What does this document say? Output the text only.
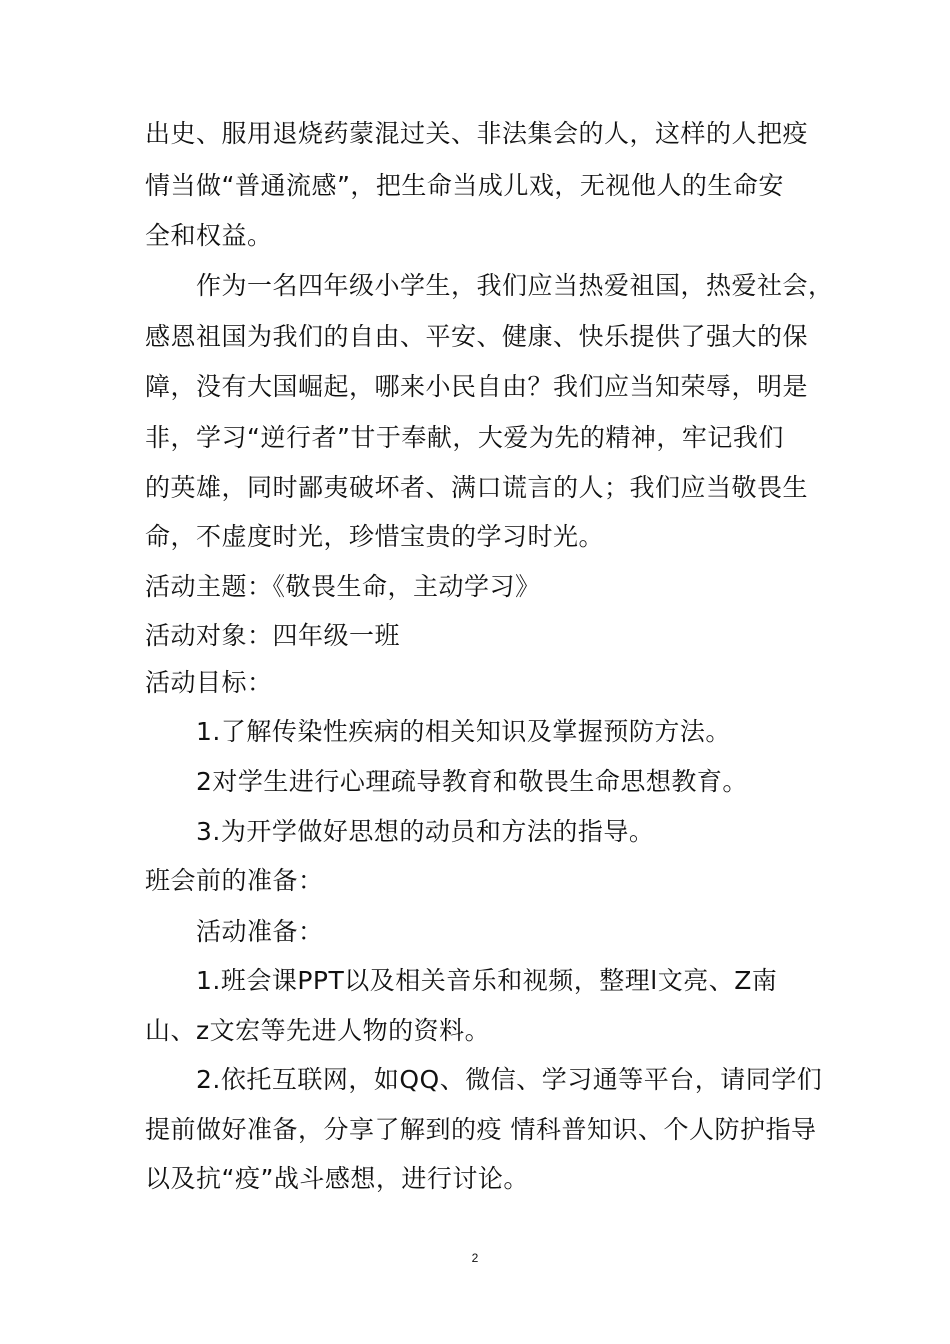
出史、服用退烧药蒙混过关、非法集会的人，这样的人把疫
情当做“普通流感”，把生命当成儿戏，无视他人的生命安
全和权益。
作为一名四年级小学生，我们应当热爱祖国，热爱社会，
感恩祖国为我们的自由、平安、健康、快乐提供了强大的保
障，没有大国崛起，哪来小民自由？我们应当知荣辱，明是
非，学习“逆行者”甘于奉献，大爱为先的精神，牢记我们
的英雄，同时鄙夷破坏者、满口谎言的人；我们应当敬畏生
命，不虚度时光，珍惜宝贵的学习时光。
活动主题：《敬畏生命，主动学习》
活动对象：四年级一班
活动目标：
1.了解传染性疾病的相关知识及掌握预防方法。
2对学生进行心理疏导教育和敬畏生命思想教育。
3.为开学做好思想的动员和方法的指导。
班会前的准备：
活动准备：
1.班会课PPT以及相关音乐和视频，整理l文亮、Z南
山、z文宏等先进人物的资料。
2.依托互联网，如QQ、微信、学习通等平台，请同学们
提前做好准备，分享了解到的疫 情科普知识、个人防护指导
以及抗“疫”战斗感想，进行讨论。
2
